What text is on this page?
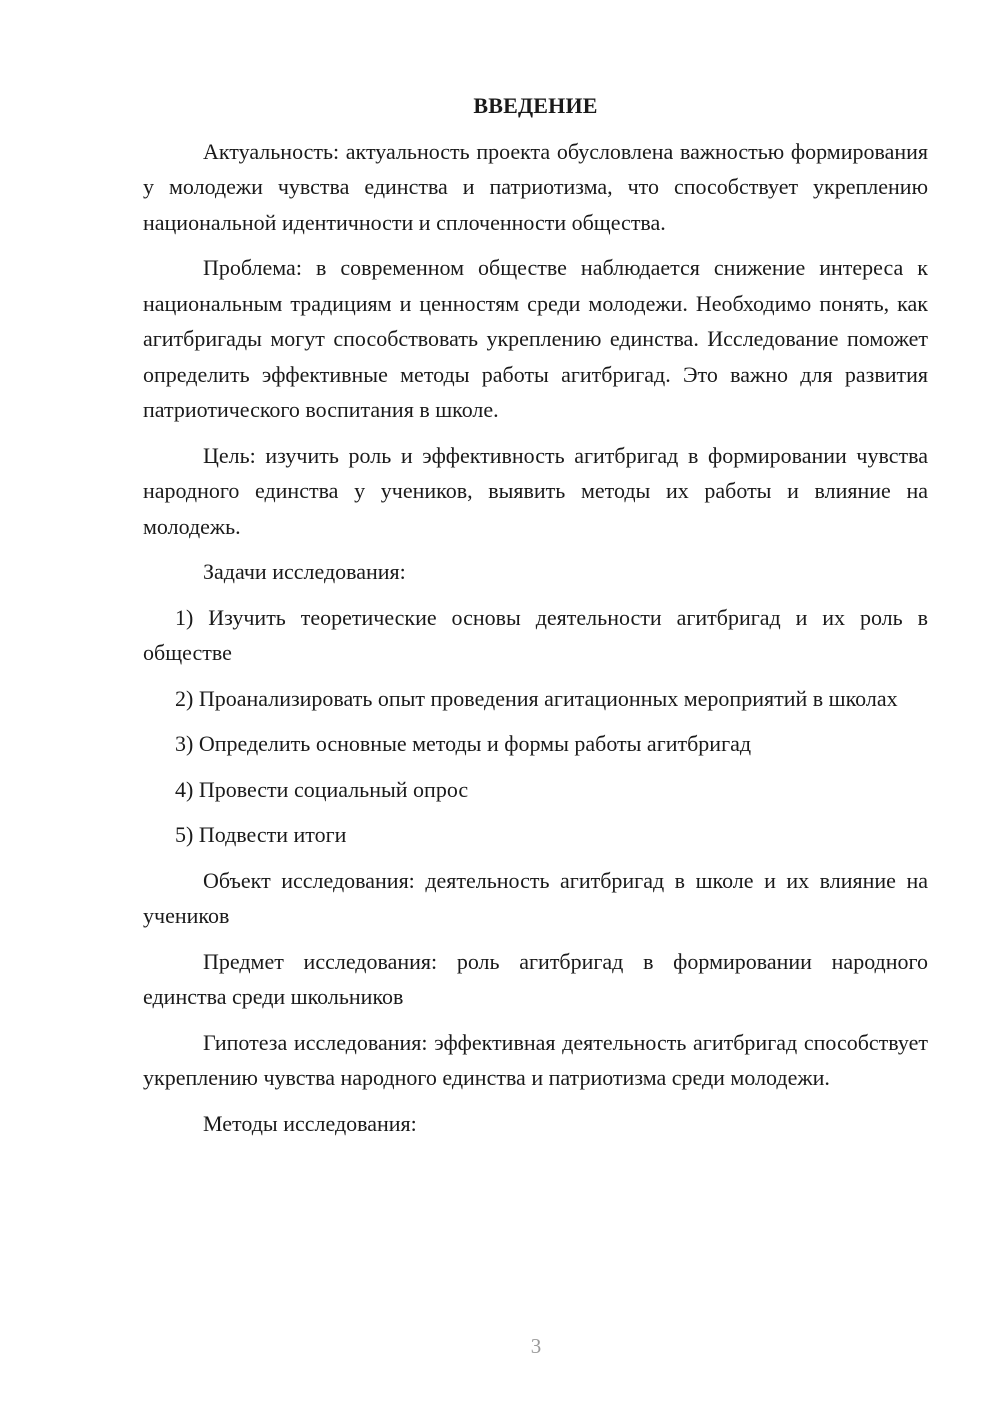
ВВЕДЕНИЕ

Актуальность: актуальность проекта обусловлена важностью формирования у молодежи чувства единства и патриотизма, что способствует укреплению национальной идентичности и сплоченности общества.

Проблема: в современном обществе наблюдается снижение интереса к национальным традициям и ценностям среди молодежи. Необходимо понять, как агитбригады могут способствовать укреплению единства. Исследование поможет определить эффективные методы работы агитбригад. Это важно для развития патриотического воспитания в школе.

Цель: изучить роль и эффективность агитбригад в формировании чувства народного единства у учеников, выявить методы их работы и влияние на молодежь.

Задачи исследования:

1) Изучить теоретические основы деятельности агитбригад и их роль в обществе

2) Проанализировать опыт проведения агитационных мероприятий в школах

3) Определить основные методы и формы работы агитбригад

4) Провести социальный опрос

5) Подвести итоги

Объект исследования: деятельность агитбригад в школе и их влияние на учеников

Предмет исследования: роль агитбригад в формировании народного единства среди школьников

Гипотеза исследования: эффективная деятельность агитбригад способствует укреплению чувства народного единства и патриотизма среди молодежи.

Методы исследования:

3
